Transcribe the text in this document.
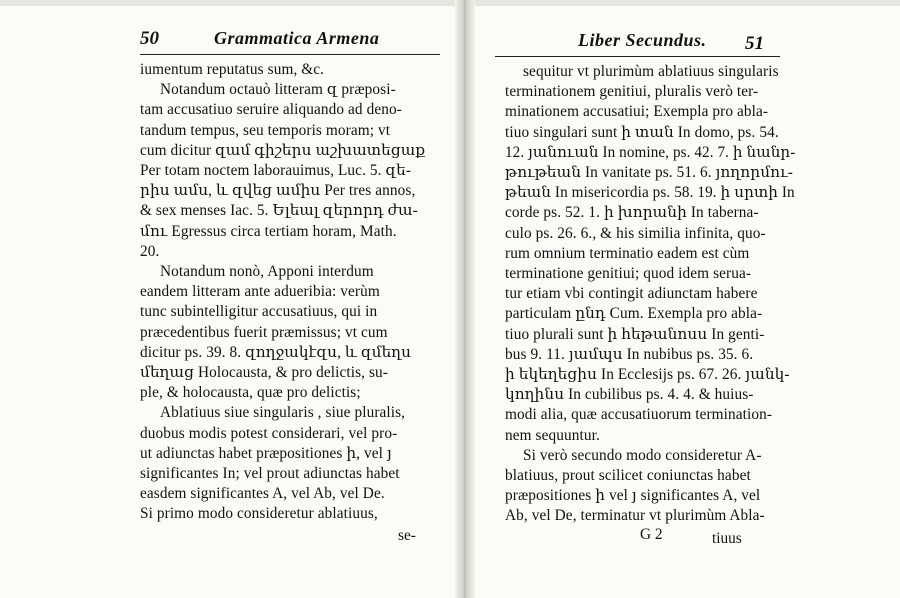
50	Grammatica Armena
iumentum reputatus sum, &c.
Notandum octauò litteram զ præposi-
tam accusatiuo seruire aliquando ad deno-
tandum tempus, seu temporis moram; vt
cum dicitur զամ գիշերս աշխատեցաք
Per totam noctem laborauimus, Luc. 5. զե-
րիս ամս, և զվեց ամիս Per tres annos,
& sex menses Iac. 5. Ելեալ զերորդ ժա-
մու Egressus circa tertiam horam, Math.
20.
Notandum nonò, Apponi interdum
eandem litteram ante adueribia: verùm
tunc subintelligitur accusatiuus, qui in
præcedentibus fuerit præmissus; vt cum
dicitur ps. 39. 8. զողջակէզս, և զմեղս
մեղաց Holocausta, & pro delictis, su-
ple, & holocausta, quæ pro delictis;
Ablatiuus siue singularis , siue pluralis,
duobus modis potest considerari, vel pro-
ut adiunctas habet præpositiones ի, vel յ
significantes In; vel prout adiunctas habet
easdem significantes A, vel Ab, vel De.
Si primo modo consideretur ablatiuus,
se-
Liber Secundus. 51
sequitur vt plurimùm ablatiuus singularis
terminationem genitiui, pluralis verò ter-
minationem accusatiui; Exempla pro abla-
tiuo singulari sunt ի տան In domo, ps. 54.
12. յանուան In nomine, ps. 42. 7. ի նանր-
թութեան In vanitate ps. 51. 6. յողորմու-
թեան In misericordia ps. 58. 19. ի սրտի In
corde ps. 52. 1. ի խորանի In taberna-
culo ps. 26. 6., & his similia infinita, quo-
rum omnium terminatio eadem est cùm
terminatione genitiui; quod idem seruа-
tur etiam vbi contingit adiunctam habere
particulam ընդ Cum. Exempla pro abla-
tiuo plurali sunt ի հեթանոսս In genti-
bus 9. 11. յամպս In nubibus ps. 35. 6.
ի եկեղեցիս In Ecclesijs ps. 67. 26. յանկ-
կողինս In cubilibus ps. 4. 4. & huius-
modi alia, quæ accusatiuorum termination-
nem sequuntur.
Si verò secundo modo consideretur A-
blatiuus, prout scilicet coniunctas habet
præpositiones ի vel յ significantes A, vel
Ab, vel De, terminatur vt plurimùm Abla-
G 2	tiuus
